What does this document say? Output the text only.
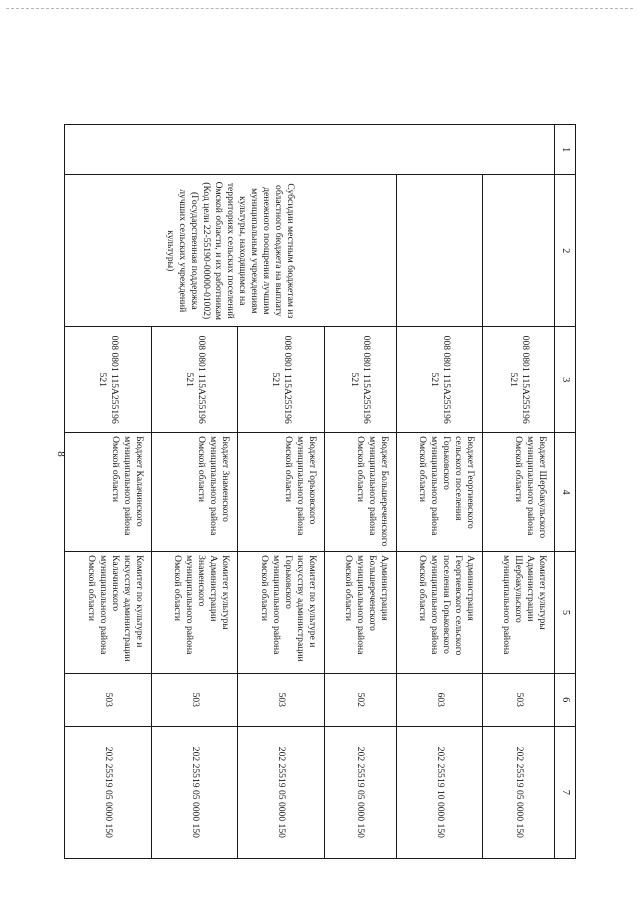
8
1	2	3	4	5	6	7
		008 0801 115А255196 521	Бюджет Шербакульского муниципального района Омской области	Комитет культуры Администрации Шербакульского муниципального района	503	202 25519 05 0000 150
		008 0801 115А255196 521	Бюджет Георгиевского сельского поселения Горьковского муниципального района Омской области	Администрация Георгиевского сельского поселения Горьковского муниципального района Омской области	603	202 25519 10 0000 150
	Субсидии местным бюджетам из областного бюджета на выплату денежного поощрения лучшим муниципальным учреждениям культуры, находящимся на территориях сельских поселений Омской области, и их работникам (Код цели 22-55190-00000-01002) (Государственная поддержка лучших сельских учреждений культуры)	008 0801 115А255196 521	Бюджет Большереченского муниципального района Омской области	Администрация Большереченского муниципального района Омской области	502	202 25519 05 0000 150
		008 0801 115А255196 521	Бюджет Горьковского муниципального района Омской области	Комитет по культуре и искусству администрации Горьковского муниципального района Омской области	503	202 25519 05 0000 150
		008 0801 115А255196 521	Бюджет Знаменского муниципального района Омской области	Комитет культуры Администрации Знаменского муниципального района Омской области	503	202 25519 05 0000 150
		008 0801 115А255196 521	Бюджет Калачинского муниципального района Омской области	Комитет по культуре и искусству администрации Калачинского муниципального района Омской области	503	202 25519 05 0000 150
